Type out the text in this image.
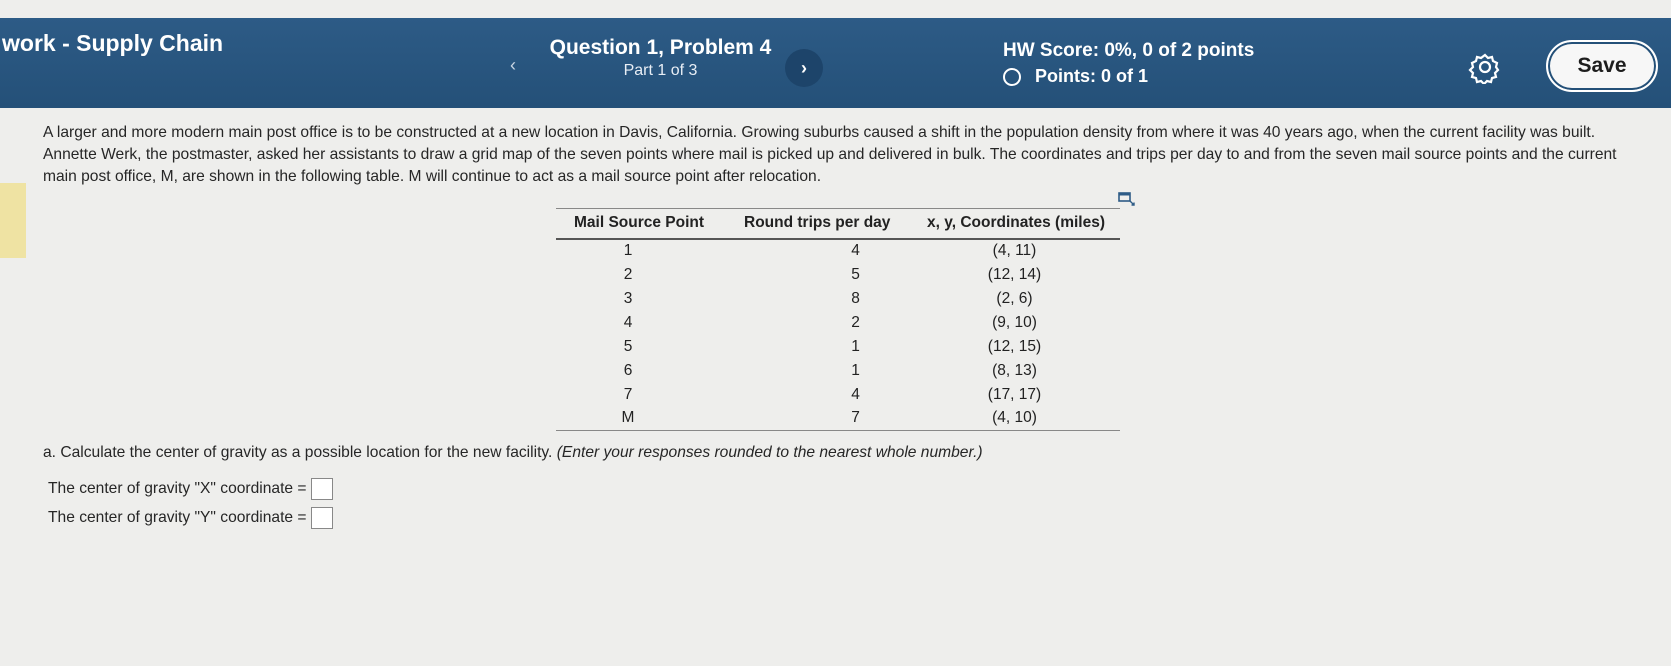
work - Supply Chain
‹
Question 1, Problem 4
Part 1 of 3	›
HW Score: 0%, 0 of 2 points
Points: 0 of 1	Save
A larger and more modern main post office is to be constructed at a new location in Davis, California. Growing suburbs caused a shift in the population density from where it was 40 years ago, when the current facility was built. Annette Werk, the postmaster, asked her assistants to draw a grid map of the seven points where mail is picked up and delivered in bulk. The coordinates and trips per day to and from the seven mail source points and the current main post office, M, are shown in the following table. M will continue to act as a mail source point after relocation.
Mail Source Point	Round trips per day	x, y, Coordinates (miles)
1	4	(4, 11)
2	5	(12, 14)
3	8	(2, 6)
4	2	(9, 10)
5	1	(12, 15)
6	1	(8, 13)
7	4	(17, 17)
M	7	(4, 10)
a. Calculate the center of gravity as a possible location for the new facility. (Enter your responses rounded to the nearest whole number.)
The center of gravity "X" coordinate =
The center of gravity "Y" coordinate =
